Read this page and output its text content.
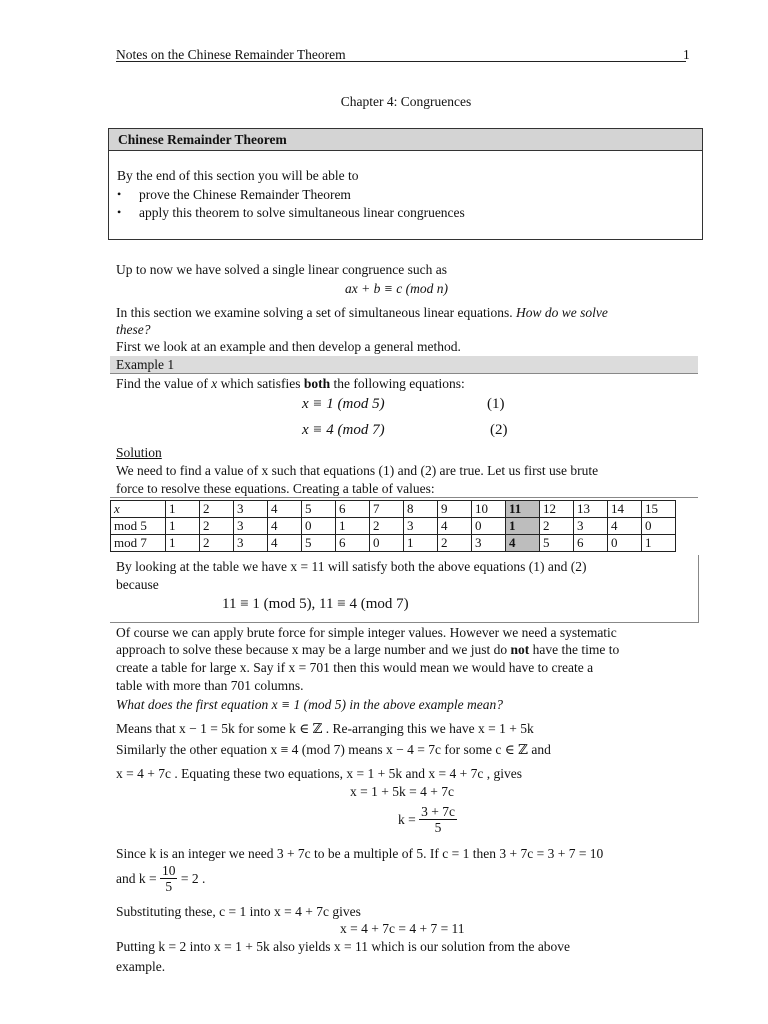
Notes on the Chinese Remainder Theorem	1
Chapter 4: Congruences
Chinese Remainder Theorem
By the end of this section you will be able to
• prove the Chinese Remainder Theorem
• apply this theorem to solve simultaneous linear congruences
Up to now we have solved a single linear congruence such as
ax + b ≡ c (mod n)
In this section we examine solving a set of simultaneous linear equations. How do we solve
these?
First we look at an example and then develop a general method.
Example 1
Find the value of x which satisfies both the following equations:
x ≡ 1 (mod 5)	(1)
x ≡ 4 (mod 7)	(2)
Solution
We need to find a value of x such that equations (1) and (2) are true. Let us first use brute
force to resolve these equations. Creating a table of values:
x	1	2	3	4	5	6	7	8	9	10	11	12	13	14	15
mod 5	1	2	3	4	0	1	2	3	4	0	1	2	3	4	0
mod 7	1	2	3	4	5	6	0	1	2	3	4	5	6	0	1
By looking at the table we have x = 11 will satisfy both the above equations (1) and (2)
because
11 ≡ 1 (mod 5), 11 ≡ 4 (mod 7)
Of course we can apply brute force for simple integer values. However we need a systematic
approach to solve these because x may be a large number and we just do not have the time to
create a table for large x. Say if x = 701 then this would mean we would have to create a
table with more than 701 columns.
What does the first equation x ≡ 1 (mod 5) in the above example mean?
Means that x − 1 = 5k for some k ∈ ℤ . Re-arranging this we have x = 1 + 5k
Similarly the other equation x ≡ 4 (mod 7) means x − 4 = 7c for some c ∈ ℤ and
x = 4 + 7c . Equating these two equations, x = 1 + 5k and x = 4 + 7c , gives
x = 1 + 5k = 4 + 7c
$k = \frac{3 + 7c}{5}$
Since k is an integer we need 3 + 7c to be a multiple of 5. If c = 1 then 3 + 7c = 3 + 7 = 10
and $k = \frac{10}{5} = 2$ .
Substituting these, c = 1 into x = 4 + 7c gives
x = 4 + 7c = 4 + 7 = 11
Putting k = 2 into x = 1 + 5k also yields x = 11 which is our solution from the above
example.
